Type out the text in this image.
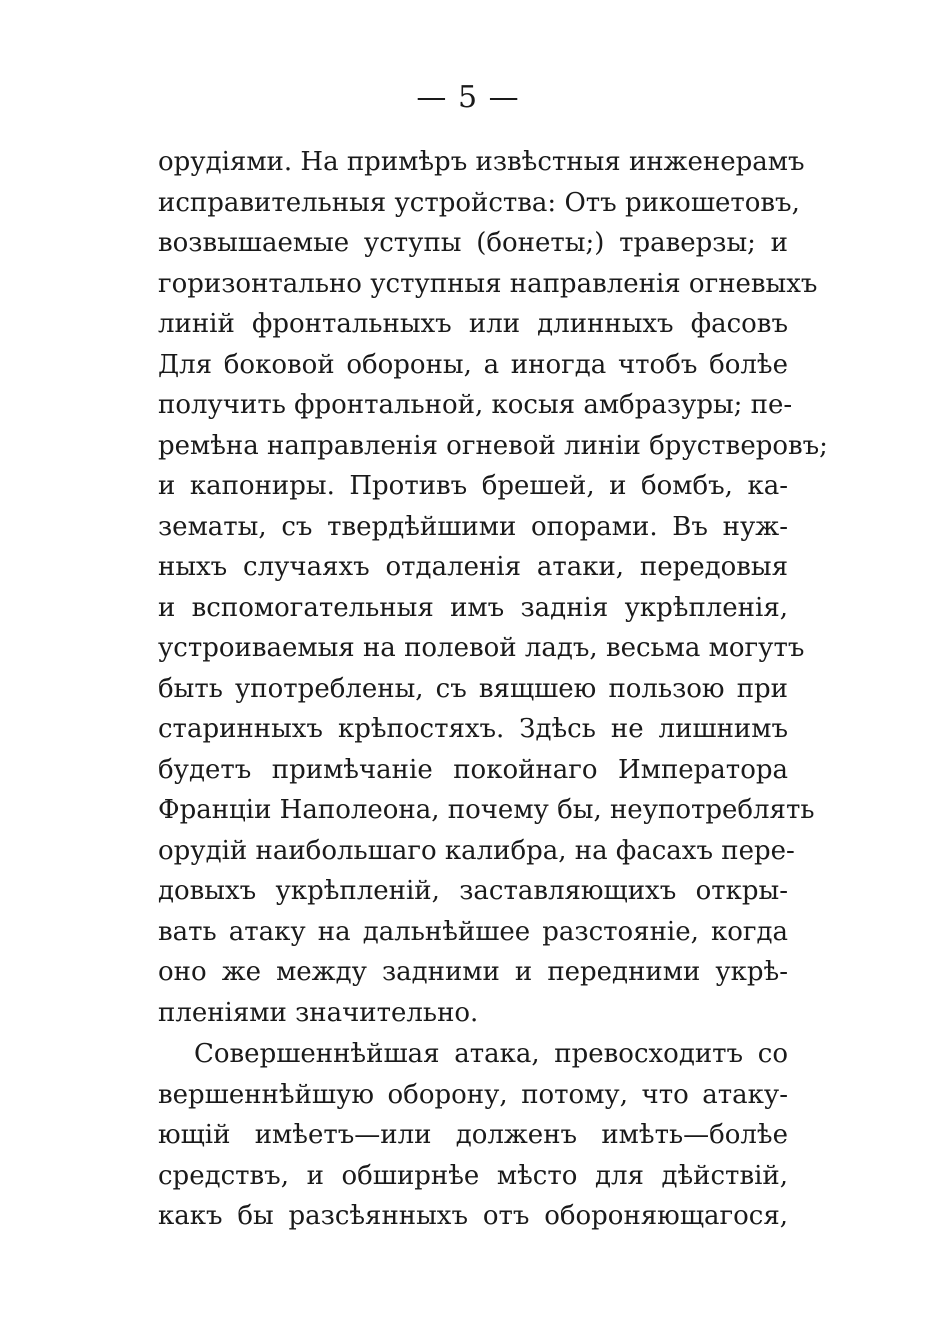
— 5 —
орудіями. На примѣръ извѣстныя инженерамъ
исправительныя устройства: Отъ рикошетовъ,
возвышаемые уступы (бонеты;) траверзы; и
горизонтально уступныя направленія огневыхъ
линій фронтальныхъ или длинныхъ фасовъ
Для боковой обороны, а иногда чтобъ болѣе
получить фронтальной, косыя амбразуры; пе-
ремѣна направленія огневой линіи брустверовъ;
и капониры. Противъ брешей, и бомбъ, ка-
зематы, съ твердѣйшими опорами. Въ нуж-
ныхъ случаяхъ отдаленія атаки, передовыя
и вспомогательныя имъ заднія укрѣпленія,
устроиваемыя на полевой ладъ, весьма могутъ
быть употреблены, съ вящшею пользою при
старинныхъ крѣпостяхъ. Здѣсь не лишнимъ
будетъ примѣчаніе покойнаго Императора
Франціи Наполеона, почему бы, неупотреблять
орудій наибольшаго калибра, на фасахъ пере-
довыхъ укрѣпленій, заставляющихъ откры-
вать атаку на дальнѣйшее разстояніе, когда
оно же между задними и передними укрѣ-
пленіями значительно.
Совершеннѣйшая атака, превосходитъ со
вершеннѣйшую оборону, потому, что атаку-
ющій имѣетъ—или долженъ имѣть—болѣе
средствъ, и обширнѣе мѣсто для дѣйствій,
какъ бы разсѣянныхъ отъ обороняющагося,
